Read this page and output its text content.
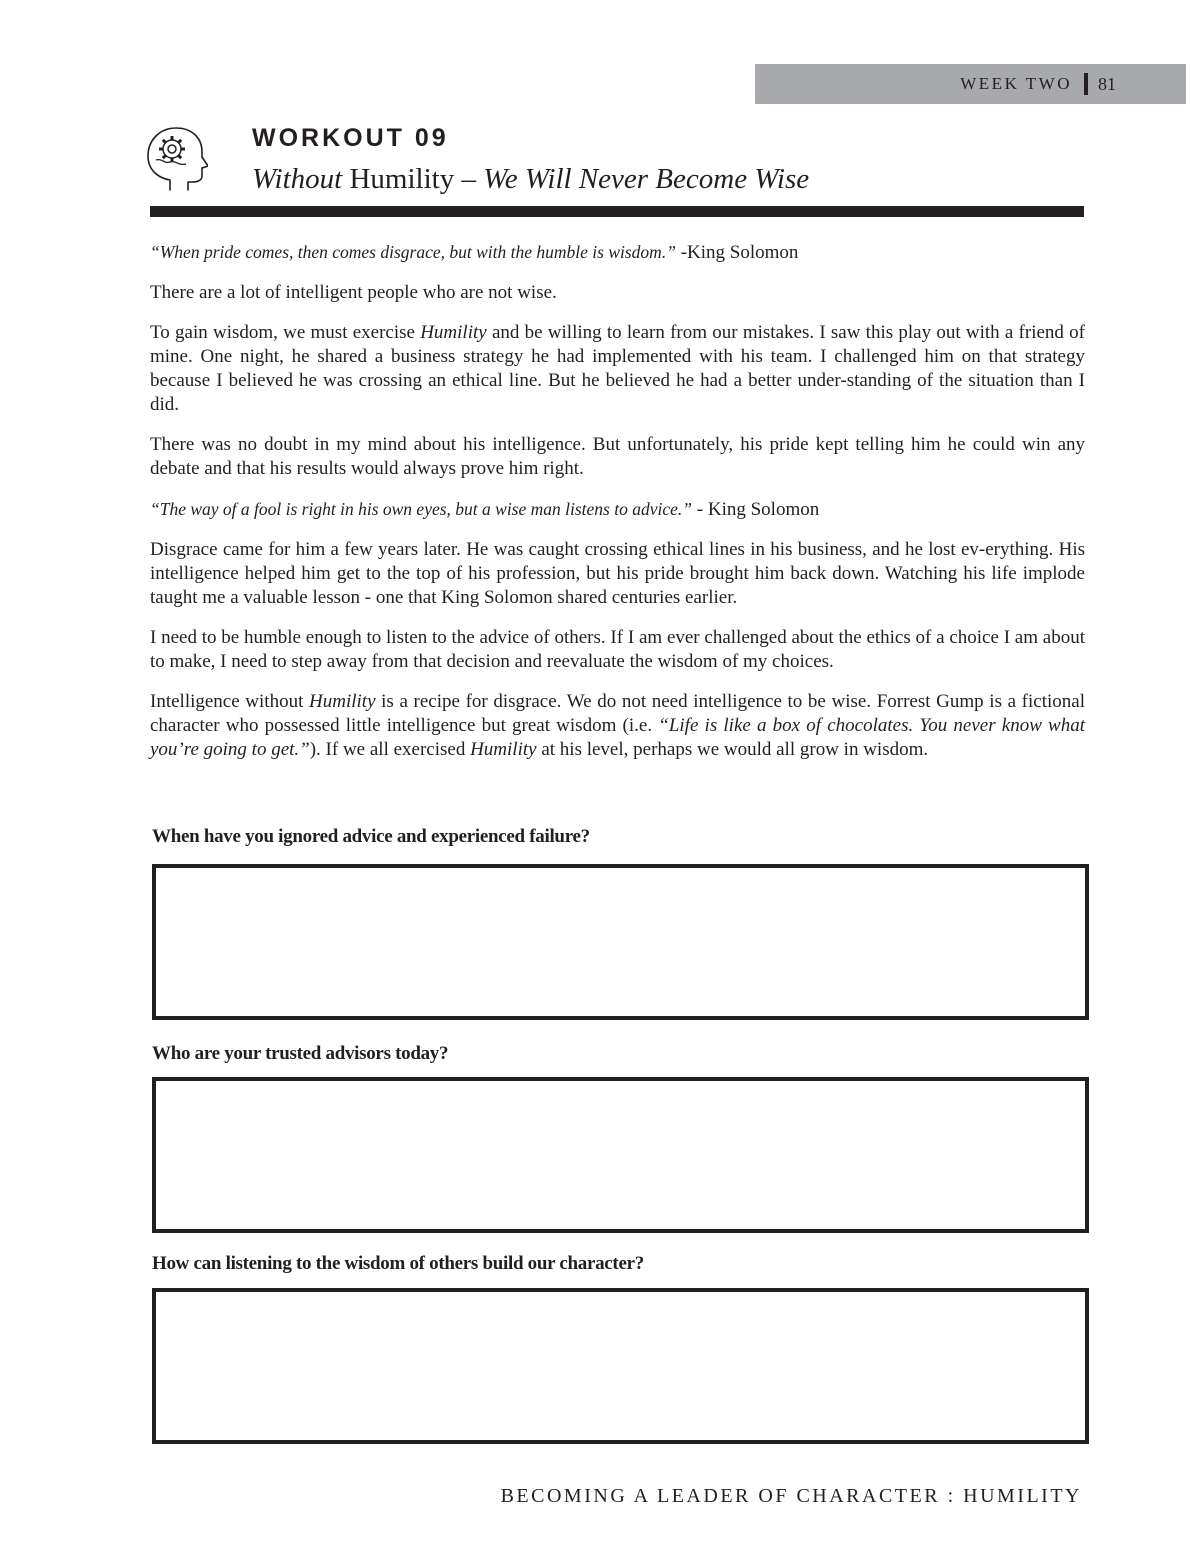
WEEK TWO 81
WORKOUT 09
Without Humility – We Will Never Become Wise

“When pride comes, then comes disgrace, but with the humble is wisdom.” -King Solomon

There are a lot of intelligent people who are not wise.

To gain wisdom, we must exercise Humility and be willing to learn from our mistakes. I saw this play out with a friend of mine. One night, he shared a business strategy he had implemented with his team. I challenged him on that strategy because I believed he was crossing an ethical line. But he believed he had a better under-standing of the situation than I did.

There was no doubt in my mind about his intelligence. But unfortunately, his pride kept telling him he could win any debate and that his results would always prove him right.

“The way of a fool is right in his own eyes, but a wise man listens to advice.” - King Solomon

Disgrace came for him a few years later. He was caught crossing ethical lines in his business, and he lost ev-erything. His intelligence helped him get to the top of his profession, but his pride brought him back down. Watching his life implode taught me a valuable lesson - one that King Solomon shared centuries earlier.

I need to be humble enough to listen to the advice of others. If I am ever challenged about the ethics of a choice I am about to make, I need to step away from that decision and reevaluate the wisdom of my choices.

Intelligence without Humility is a recipe for disgrace. We do not need intelligence to be wise. Forrest Gump is a fictional character who possessed little intelligence but great wisdom (i.e. “Life is like a box of chocolates. You never know what you’re going to get.”). If we all exercised Humility at his level, perhaps we would all grow in wisdom.

When have you ignored advice and experienced failure?

Who are your trusted advisors today?

How can listening to the wisdom of others build our character?

BECOMING A LEADER OF CHARACTER : HUMILITY
